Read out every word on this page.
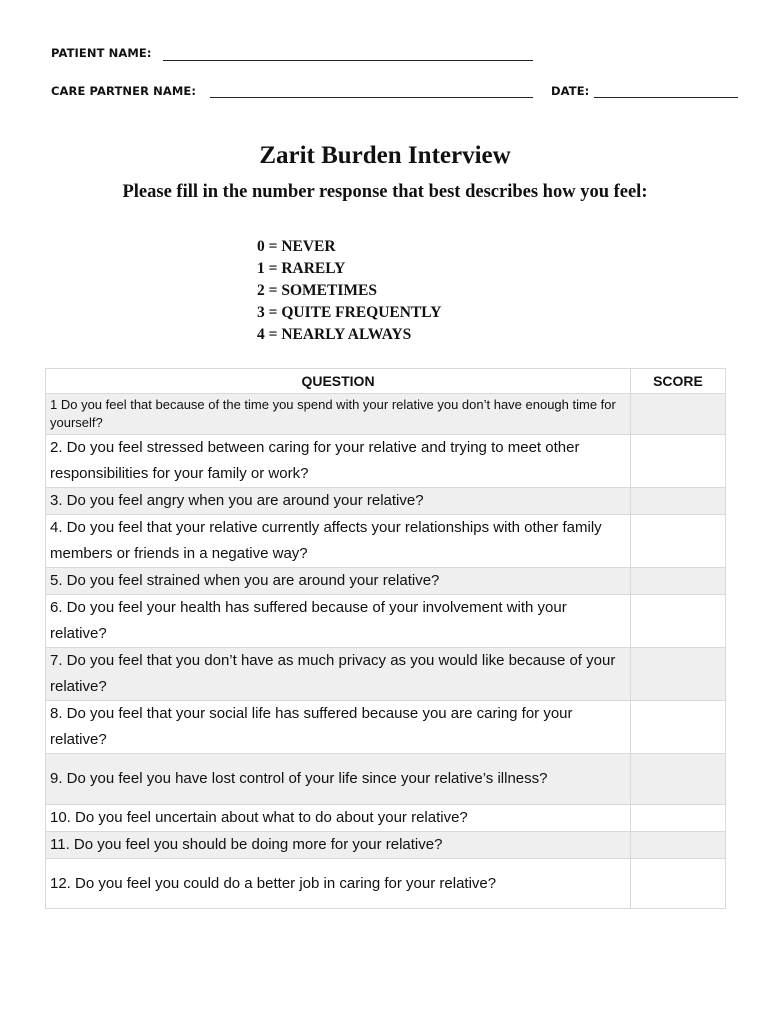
PATIENT NAME:
CARE PARTNER NAME:	DATE:
Zarit Burden Interview
Please fill in the number response that best describes how you feel:
0 = NEVER
1 = RARELY
2 = SOMETIMES
3 = QUITE FREQUENTLY
4 = NEARLY ALWAYS
QUESTION	SCORE
1 Do you feel that because of the time you spend with your relative you don’t have enough time for yourself?	
2. Do you feel stressed between caring for your relative and trying to meet other responsibilities for your family or work?	
3. Do you feel angry when you are around your relative?	
4. Do you feel that your relative currently affects your relationships with other family members or friends in a negative way?	
5. Do you feel strained when you are around your relative?	
6. Do you feel your health has suffered because of your involvement with your relative?	
7. Do you feel that you don’t have as much privacy as you would like because of your relative?	
8. Do you feel that your social life has suffered because you are caring for your relative?	
9. Do you feel you have lost control of your life since your relative’s illness?	
10. Do you feel uncertain about what to do about your relative?	
11. Do you feel you should be doing more for your relative?	
12. Do you feel you could do a better job in caring for your relative?	
